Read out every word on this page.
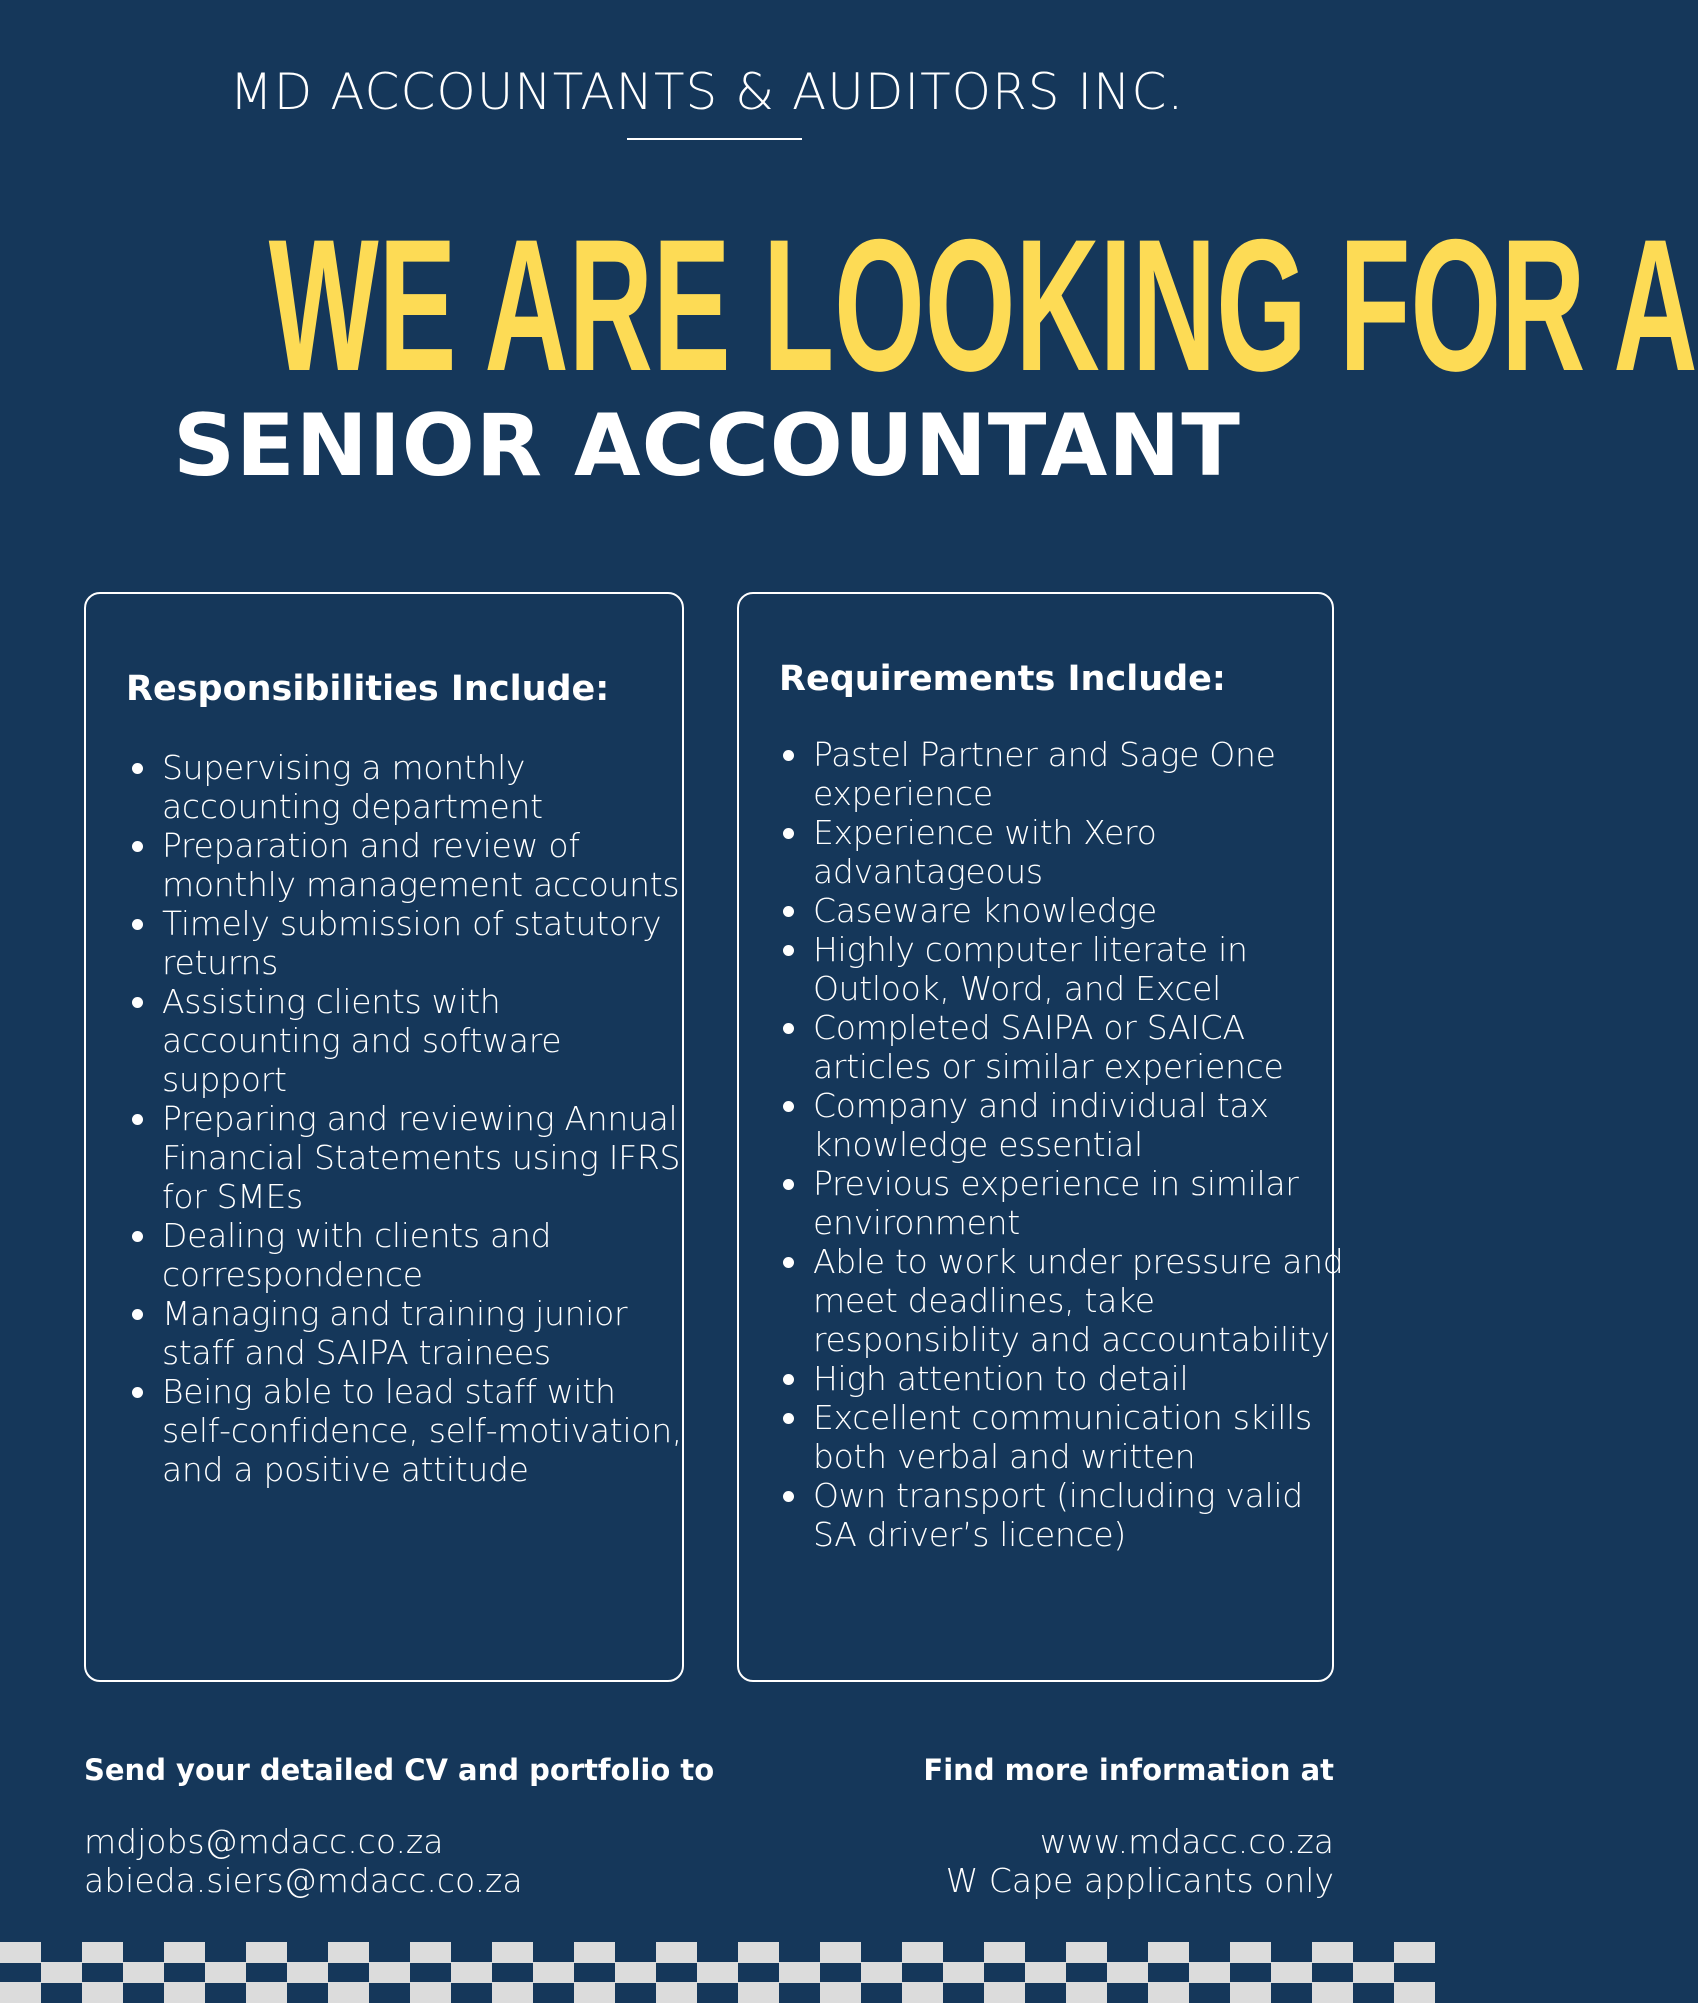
MD ACCOUNTANTS & AUDITORS INC.
WE ARE LOOKING FOR A
SENIOR ACCOUNTANT
Responsibilities Include:
Supervising a monthly accounting department
Preparation and review of monthly management accounts
Timely submission of statutory returns
Assisting clients with accounting and software support
Preparing and reviewing Annual Financial Statements using IFRS for SMEs
Dealing with clients and correspondence
Managing and training junior staff and SAIPA trainees
Being able to lead staff with self-confidence, self-motivation, and a positive attitude
Requirements Include:
Pastel Partner and Sage One experience
Experience with Xero advantageous
Caseware knowledge
Highly computer literate in Outlook, Word, and Excel
Completed SAIPA or SAICA articles or similar experience
Company and individual tax knowledge essential
Previous experience in similar environment
Able to work under pressure and meet deadlines, take responsiblity and accountability
High attention to detail
Excellent communication skills both verbal and written
Own transport (including valid SA driver’s licence)
Send your detailed CV and portfolio to	Find more information at
mdjobs@mdacc.co.za
abieda.siers@mdacc.co.za
www.mdacc.co.za
W Cape applicants only
